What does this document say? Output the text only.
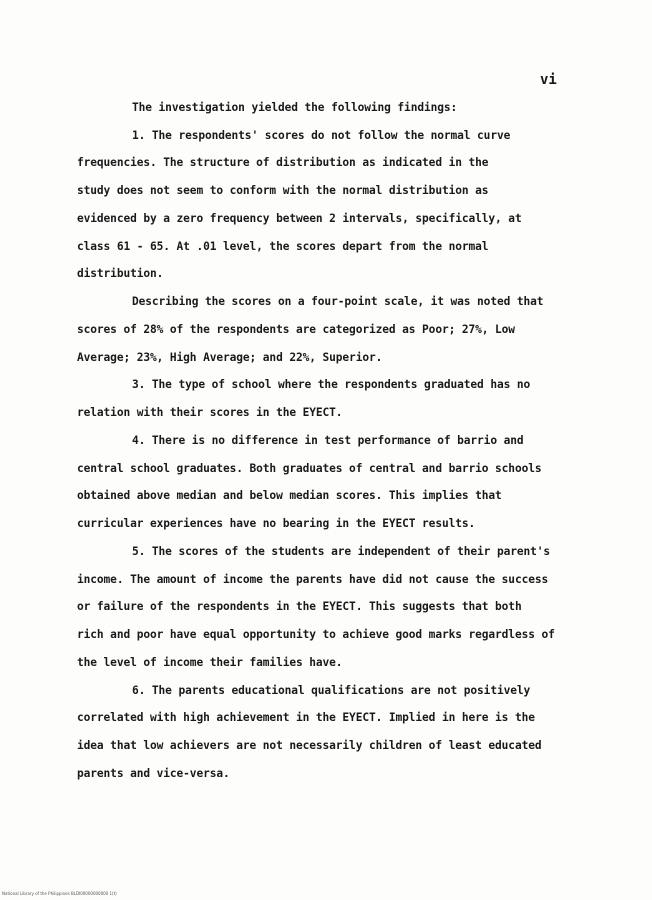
vi
The investigation yielded the following findings:
1. The respondents' scores do not follow the normal curve
frequencies. The structure of distribution as indicated in the
study does not seem to conform with the normal distribution as
evidenced by a zero frequency between 2 intervals, specifically, at
class 61 - 65. At .01 level, the scores depart from the normal
distribution.
Describing the scores on a four-point scale, it was noted that
scores of 28% of the respondents are categorized as Poor; 27%, Low
Average; 23%, High Average; and 22%, Superior.
3. The type of school where the respondents graduated has no
relation with their scores in the EYECT.
4. There is no difference in test performance of barrio and
central school graduates. Both graduates of central and barrio schools
obtained above median and below median scores. This implies that
curricular experiences have no bearing in the EYECT results.
5. The scores of the students are independent of their parent's
income. The amount of income the parents have did not cause the success
or failure of the respondents in the EYECT. This suggests that both
rich and poor have equal opportunity to achieve good marks regardless of
the level of income their families have.
6. The parents educational qualifications are not positively
correlated with high achievement in the EYECT. Implied in here is the
idea that low achievers are not necessarily children of least educated
parents and vice-versa.
National Library of the Philippines BLDI00000000000 1(t)
